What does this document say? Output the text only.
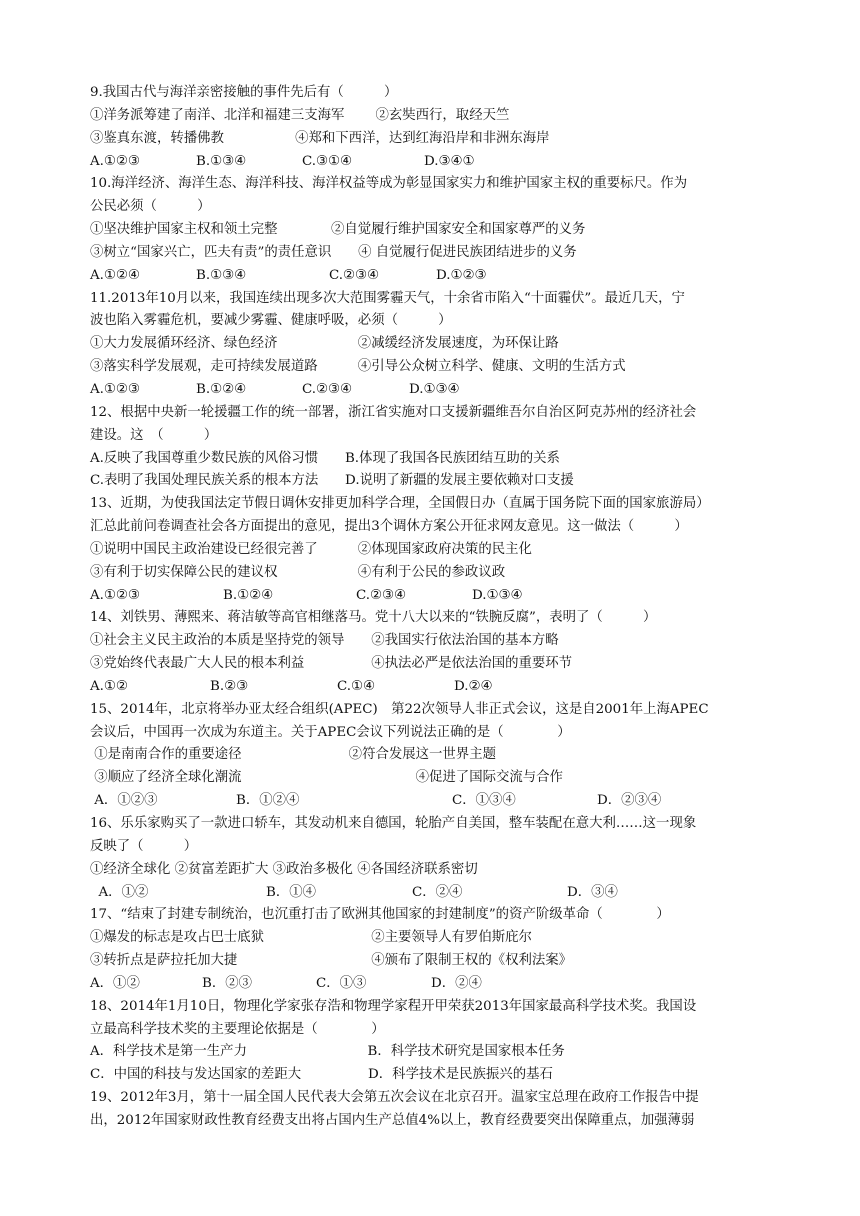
9.我国古代与海洋亲密接触的事件先后有（　　　）
①洋务派筹建了南洋、北洋和福建三支海军　　 ②玄奘西行，取经天竺
③鉴真东渡，转播佛教　　　　　 ④郑和下西洋，达到红海沿岸和非洲东海岸
A.①②③	B.①③④	C.③①④	D.③④①
10.海洋经济、海洋生态、海洋科技、海洋权益等成为彰显国家实力和维护国家主权的重要标尺。作为
公民必须（　　　）
①坚决维护国家主权和领土完整　　　　②自觉履行维护国家安全和国家尊严的义务
③树立“国家兴亡，匹夫有责”的责任意识　　④ 自觉履行促进民族团结进步的义务
A.①②④	B.①③④	C.②③④	D.①②③
11.2013年10月以来，我国连续出现多次大范围雾霾天气，十余省市陷入“十面霾伏”。最近几天，宁
波也陷入雾霾危机，要减少雾霾、健康呼吸，必须（　　　）
①大力发展循环经济、绿色经济　　　　　　②减缓经济发展速度，为环保让路
③落实科学发展观，走可持续发展道路　　　④引导公众树立科学、健康、文明的生活方式
A.①②③	B.①②④	C.②③④	D.①③④
12、根据中央新一轮援疆工作的统一部署，浙江省实施对口支援新疆维吾尔自治区阿克苏州的经济社会
建设。这　（　　　）
A.反映了我国尊重少数民族的风俗习惯　　B.体现了我国各民族团结互助的关系
C.表明了我国处理民族关系的根本方法　　D.说明了新疆的发展主要依赖对口支援
13、近期，为使我国法定节假日调休安排更加科学合理，全国假日办（直属于国务院下面的国家旅游局）
汇总此前问卷调查社会各方面提出的意见，提出3个调休方案公开征求网友意见。这一做法（　　　）
①说明中国民主政治建设已经很完善了　　　②体现国家政府决策的民主化
③有利于切实保障公民的建议权　　　　　　④有利于公民的参政议政
A.①②③	B.①②④	C.②③④	D.①③④
14、刘铁男、薄熙来、蒋洁敏等高官相继落马。党十八大以来的“铁腕反腐”，表明了（　　　）
①社会主义民主政治的本质是坚持党的领导　　②我国实行依法治国的基本方略
③党始终代表最广大人民的根本利益　　　　　④执法必严是依法治国的重要环节
A.①②	B.②③	C.①④	D.②④
15、2014年，北京将举办亚太经合组织(APEC)　第22次领导人非正式会议，这是自2001年上海APEC
会议后，中国再一次成为东道主。关于APEC会议下列说法正确的是（　　　　）
①是南南合作的重要途径　　　　　　　　②符合发展这一世界主题
③顺应了经济全球化潮流　　　　　　　　　　　　　④促进了国际交流与合作
A．①②③	B．①②④	C．①③④	D．②③④
16、乐乐家购买了一款进口轿车，其发动机来自德国，轮胎产自美国，整车装配在意大利……这一现象
反映了（　　　）
①经济全球化 ②贫富差距扩大 ③政治多极化 ④各国经济联系密切
A．①②	B．①④	C．②④	D．③④
17、“结束了封建专制统治，也沉重打击了欧洲其他国家的封建制度”的资产阶级革命（　　　　）
①爆发的标志是攻占巴士底狱　　　　　　　　②主要领导人有罗伯斯庇尔
③转折点是萨拉托加大捷　　　　　　　　　　④颁布了限制王权的《权利法案》
A．①②	B．②③	C．①③	D．②④
18、2014年1月10日，物理化学家张存浩和物理学家程开甲荣获2013年国家最高科学技术奖。我国设
立最高科学技术奖的主要理论依据是（　　　　）
A．科学技术是第一生产力　　　　　　　　　B．科学技术研究是国家根本任务
C．中国的科技与发达国家的差距大　　　　　D．科学技术是民族振兴的基石
19、2012年3月，第十一届全国人民代表大会第五次会议在北京召开。温家宝总理在政府工作报告中提
出，2012年国家财政性教育经费支出将占国内生产总值4%以上，教育经费要突出保障重点，加强薄弱
